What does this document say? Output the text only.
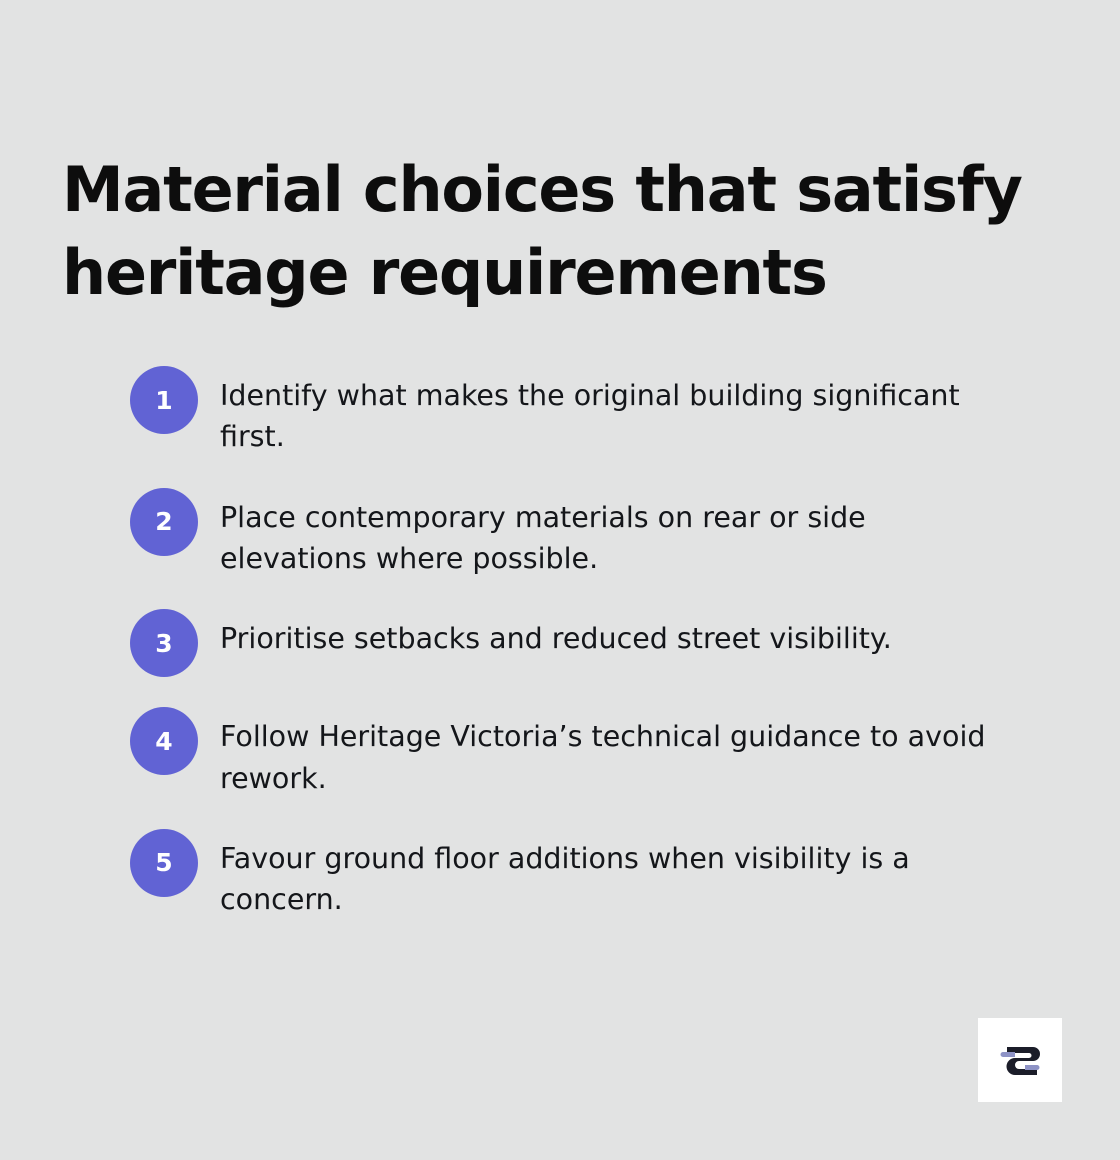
Material choices that satisfy heritage requirements
1	Identify what makes the original building significant first.
2	Place contemporary materials on rear or side elevations where possible.
3	Prioritise setbacks and reduced street visibility.
4	Follow Heritage Victoria’s technical guidance to avoid rework.
5	Favour ground floor additions when visibility is a concern.
